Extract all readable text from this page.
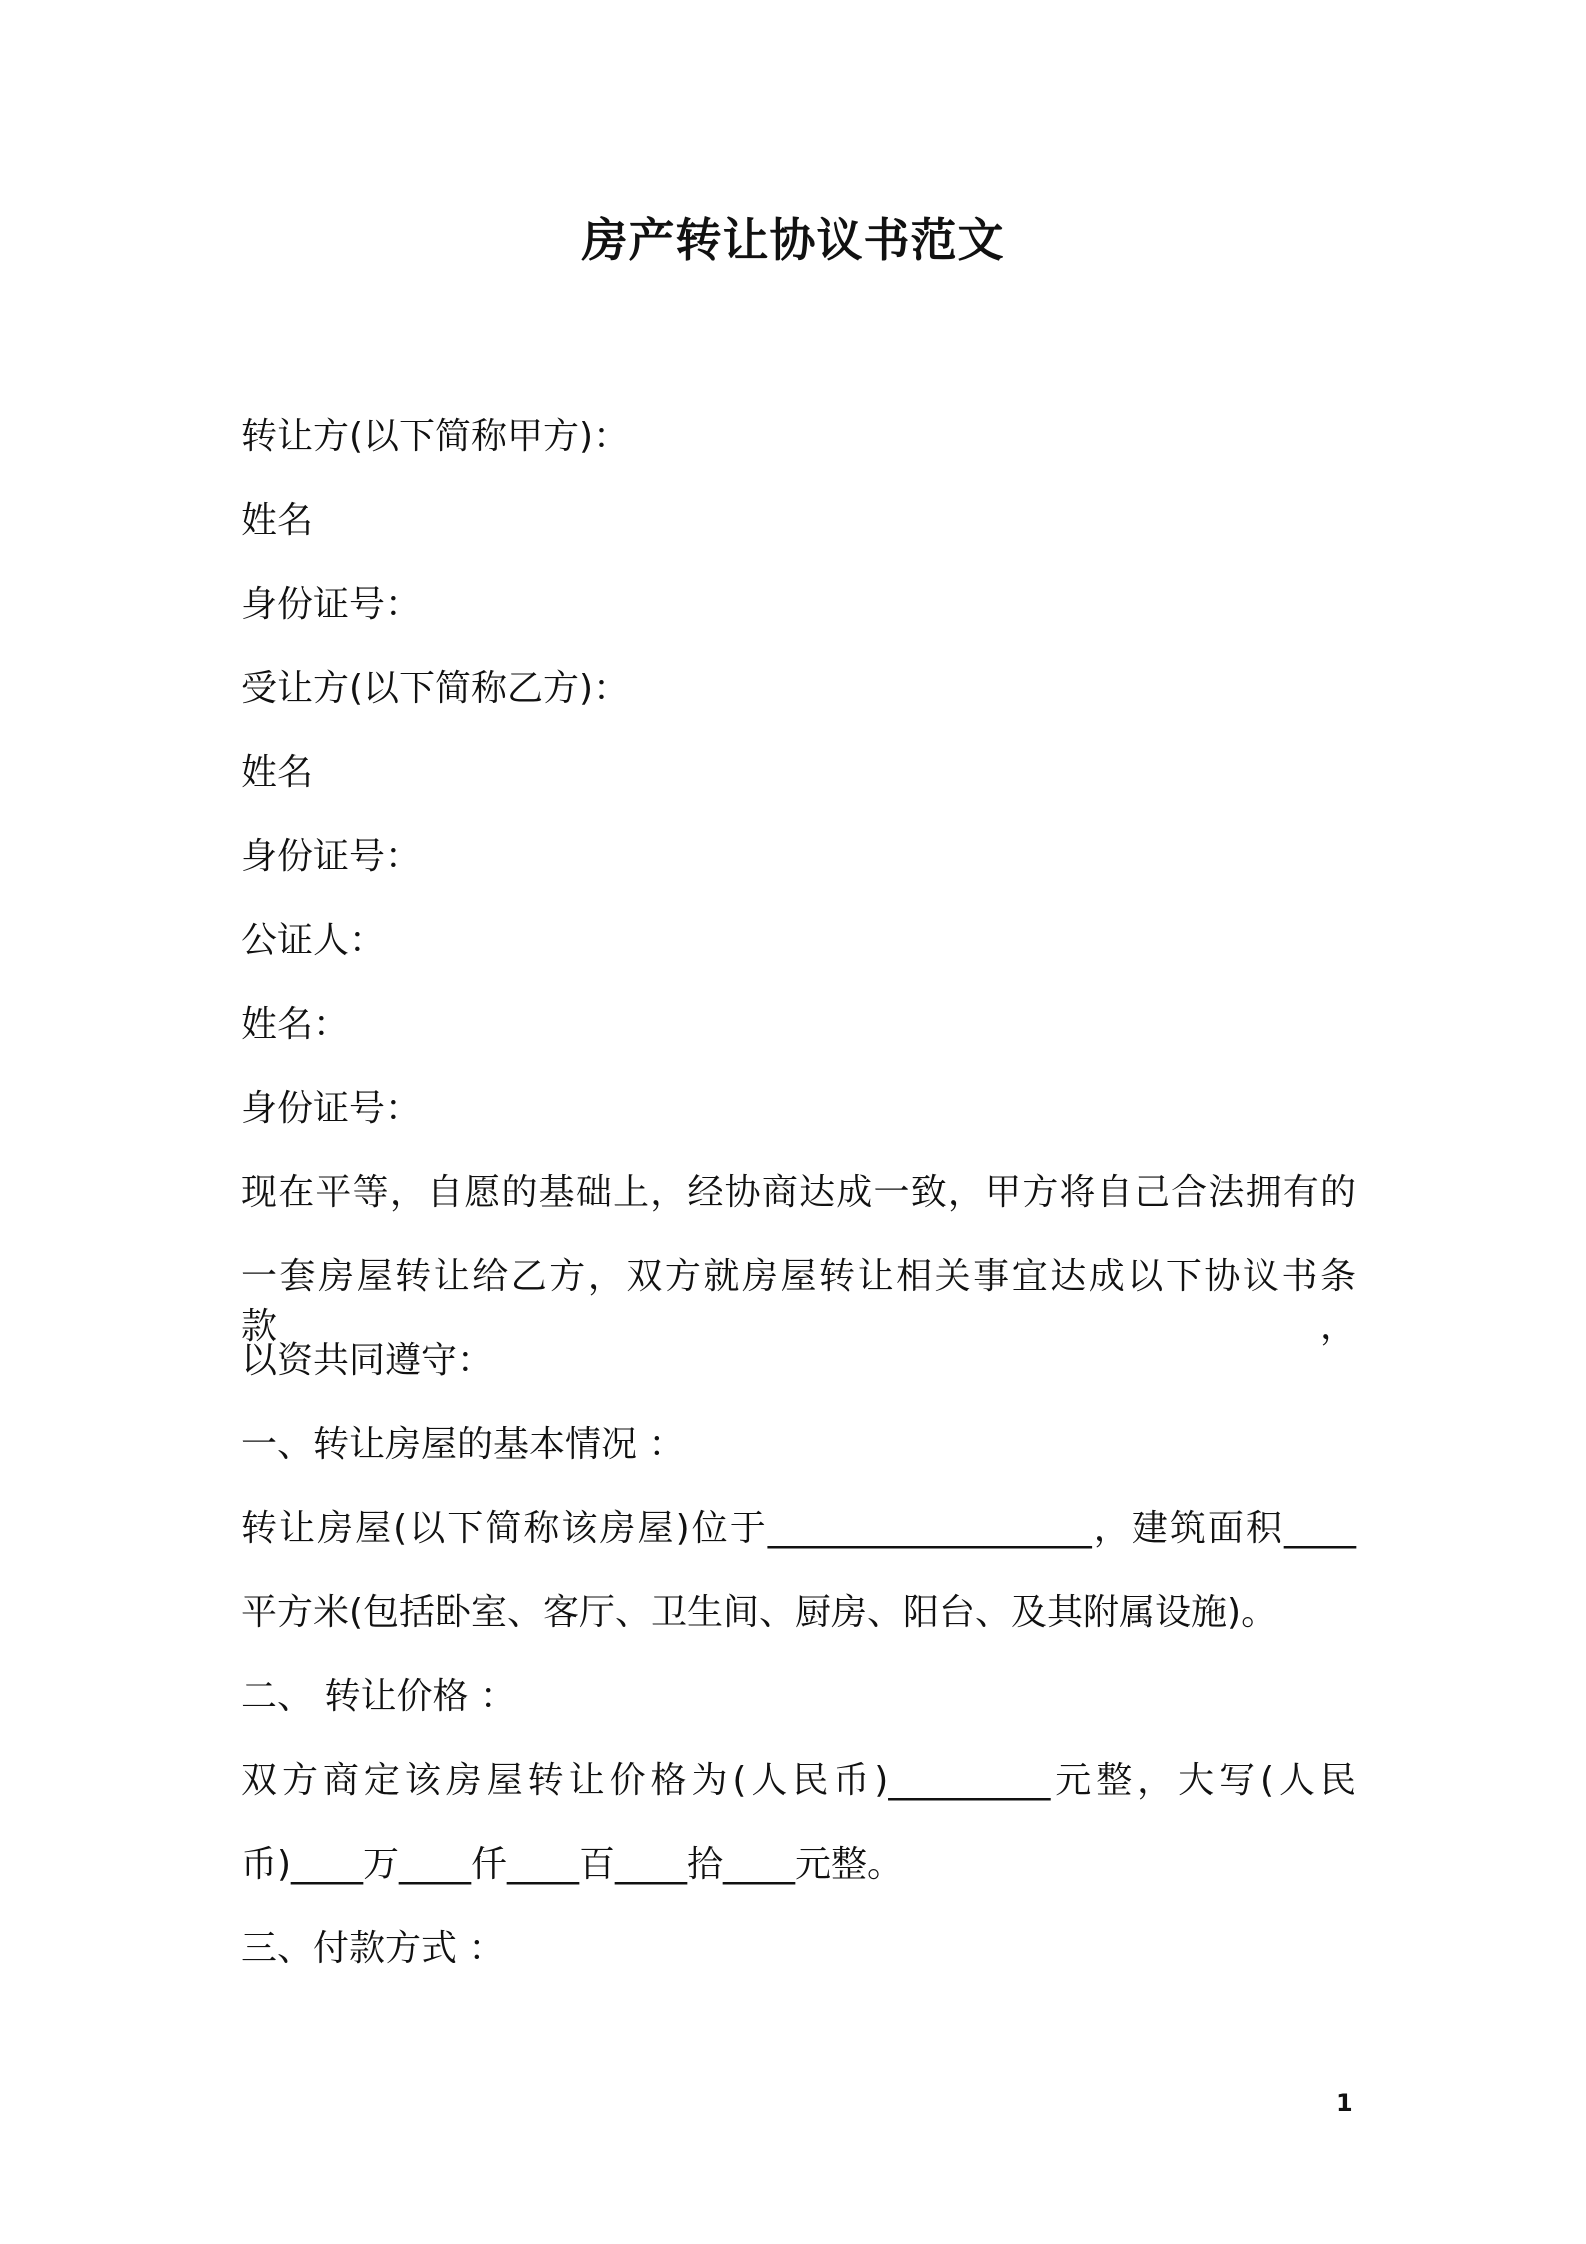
房产转让协议书范文
转让方(以下简称甲方)：
姓名
身份证号：
受让方(以下简称乙方)：
姓名
身份证号：
公证人：
姓名：
身份证号：
现在平等，自愿的基础上，经协商达成一致，甲方将自己合法拥有的
一套房屋转让给乙方，双方就房屋转让相关事宜达成以下协议书条款，
以资共同遵守：
一、转让房屋的基本情况 ：
转让房屋(以下简称该房屋)位于__________________，建筑面积____
平方米(包括卧室、客厅、卫生间、厨房、阳台、及其附属设施)。
二、 转让价格 ：
双方商定该房屋转让价格为(人民币)_________元整，大写(人民
币)____万____仟____百____拾____元整。
三、付款方式 ：
1
